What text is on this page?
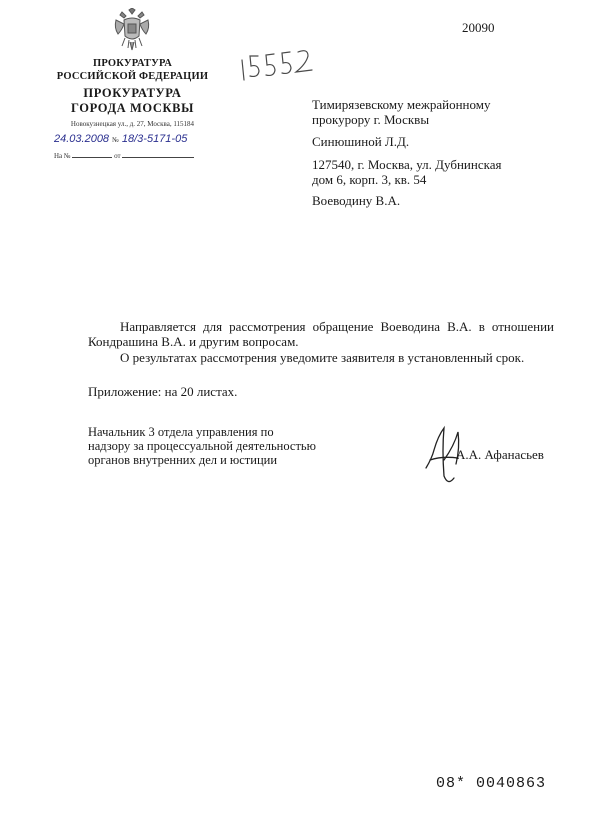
20090
ПРОКУРАТУРА
РОССИЙСКОЙ ФЕДЕРАЦИИ
ПРОКУРАТУРА
ГОРОДА МОСКВЫ
Новокузнецкая ул., д. 27, Москва, 115184
24.03.2008 № 18/3-5171-05
На №	от
Тимирязевскому межрайонному
прокурору г. Москвы
Синюшиной Л.Д.
127540, г. Москва, ул. Дубнинская
дом 6, корп. 3, кв. 54
Воеводину В.А.
Направляется для рассмотрения обращение Воеводина В.А. в отношении Кондрашина В.А. и другим вопросам.
О результатах рассмотрения уведомите заявителя в установленный срок.
Приложение: на 20 листах.
Начальник 3 отдела управления по
надзору за процессуальной деятельностью
органов внутренних дел и юстиции	А.А. Афанасьев
08* 0040863
